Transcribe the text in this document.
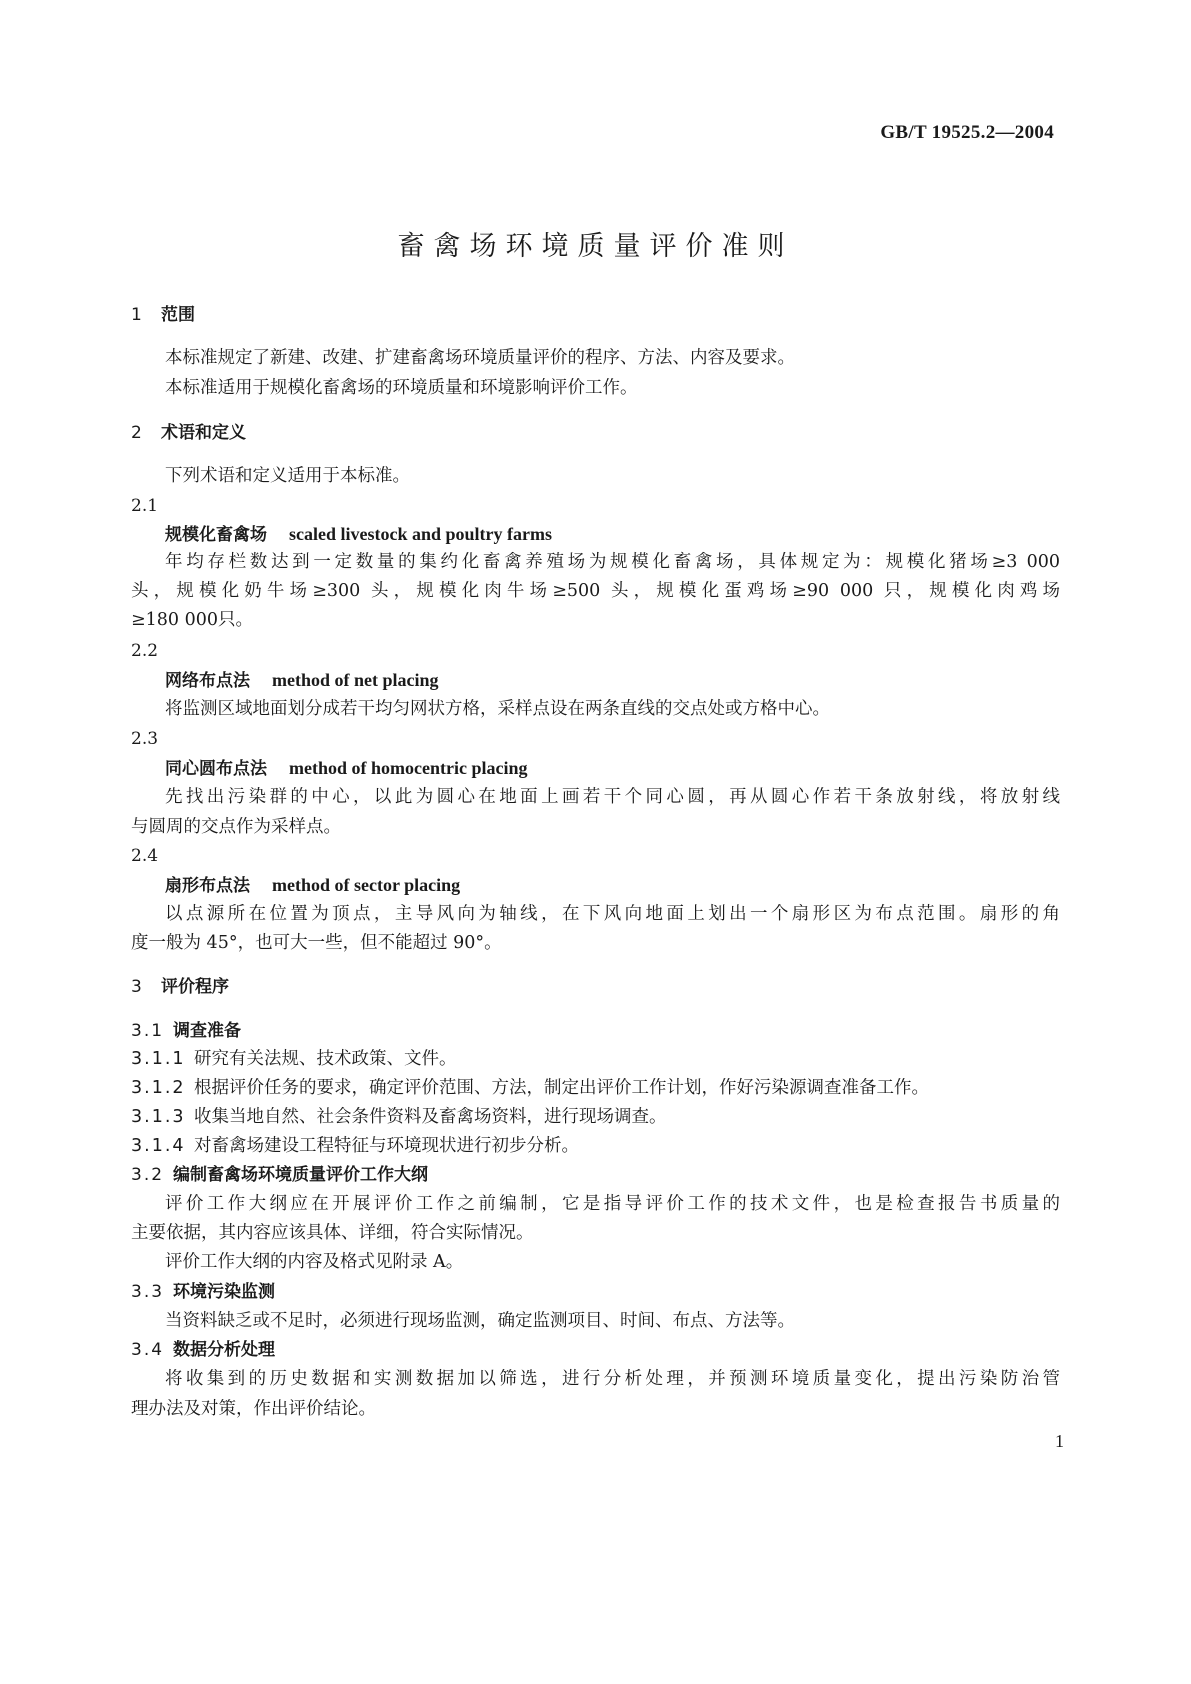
GB/T 19525.2—2004
畜禽场环境质量评价准则
1 范围
本标准规定了新建、改建、扩建畜禽场环境质量评价的程序、方法、内容及要求。
本标准适用于规模化畜禽场的环境质量和环境影响评价工作。
2 术语和定义
下列术语和定义适用于本标准。
2.1
规模化畜禽场 scaled livestock and poultry farms
年均存栏数达到一定数量的集约化畜禽养殖场为规模化畜禽场，具体规定为：规模化猪场≥3 000
头，规模化奶牛场≥300 头，规模化肉牛场≥500 头，规模化蛋鸡场≥90 000 只，规模化肉鸡场
≥180 000只。
2.2
网络布点法 method of net placing
将监测区域地面划分成若干均匀网状方格，采样点设在两条直线的交点处或方格中心。
2.3
同心圆布点法 method of homocentric placing
先找出污染群的中心，以此为圆心在地面上画若干个同心圆，再从圆心作若干条放射线，将放射线
与圆周的交点作为采样点。
2.4
扇形布点法 method of sector placing
以点源所在位置为顶点，主导风向为轴线，在下风向地面上划出一个扇形区为布点范围。扇形的角
度一般为 45°，也可大一些，但不能超过 90°。
3 评价程序
3.1 调查准备
3.1.1 研究有关法规、技术政策、文件。
3.1.2 根据评价任务的要求，确定评价范围、方法，制定出评价工作计划，作好污染源调查准备工作。
3.1.3 收集当地自然、社会条件资料及畜禽场资料，进行现场调查。
3.1.4 对畜禽场建设工程特征与环境现状进行初步分析。
3.2 编制畜禽场环境质量评价工作大纲
评价工作大纲应在开展评价工作之前编制，它是指导评价工作的技术文件，也是检查报告书质量的
主要依据，其内容应该具体、详细，符合实际情况。
评价工作大纲的内容及格式见附录 A。
3.3 环境污染监测
当资料缺乏或不足时，必须进行现场监测，确定监测项目、时间、布点、方法等。
3.4 数据分析处理
将收集到的历史数据和实测数据加以筛选，进行分析处理，并预测环境质量变化，提出污染防治管
理办法及对策，作出评价结论。
1
